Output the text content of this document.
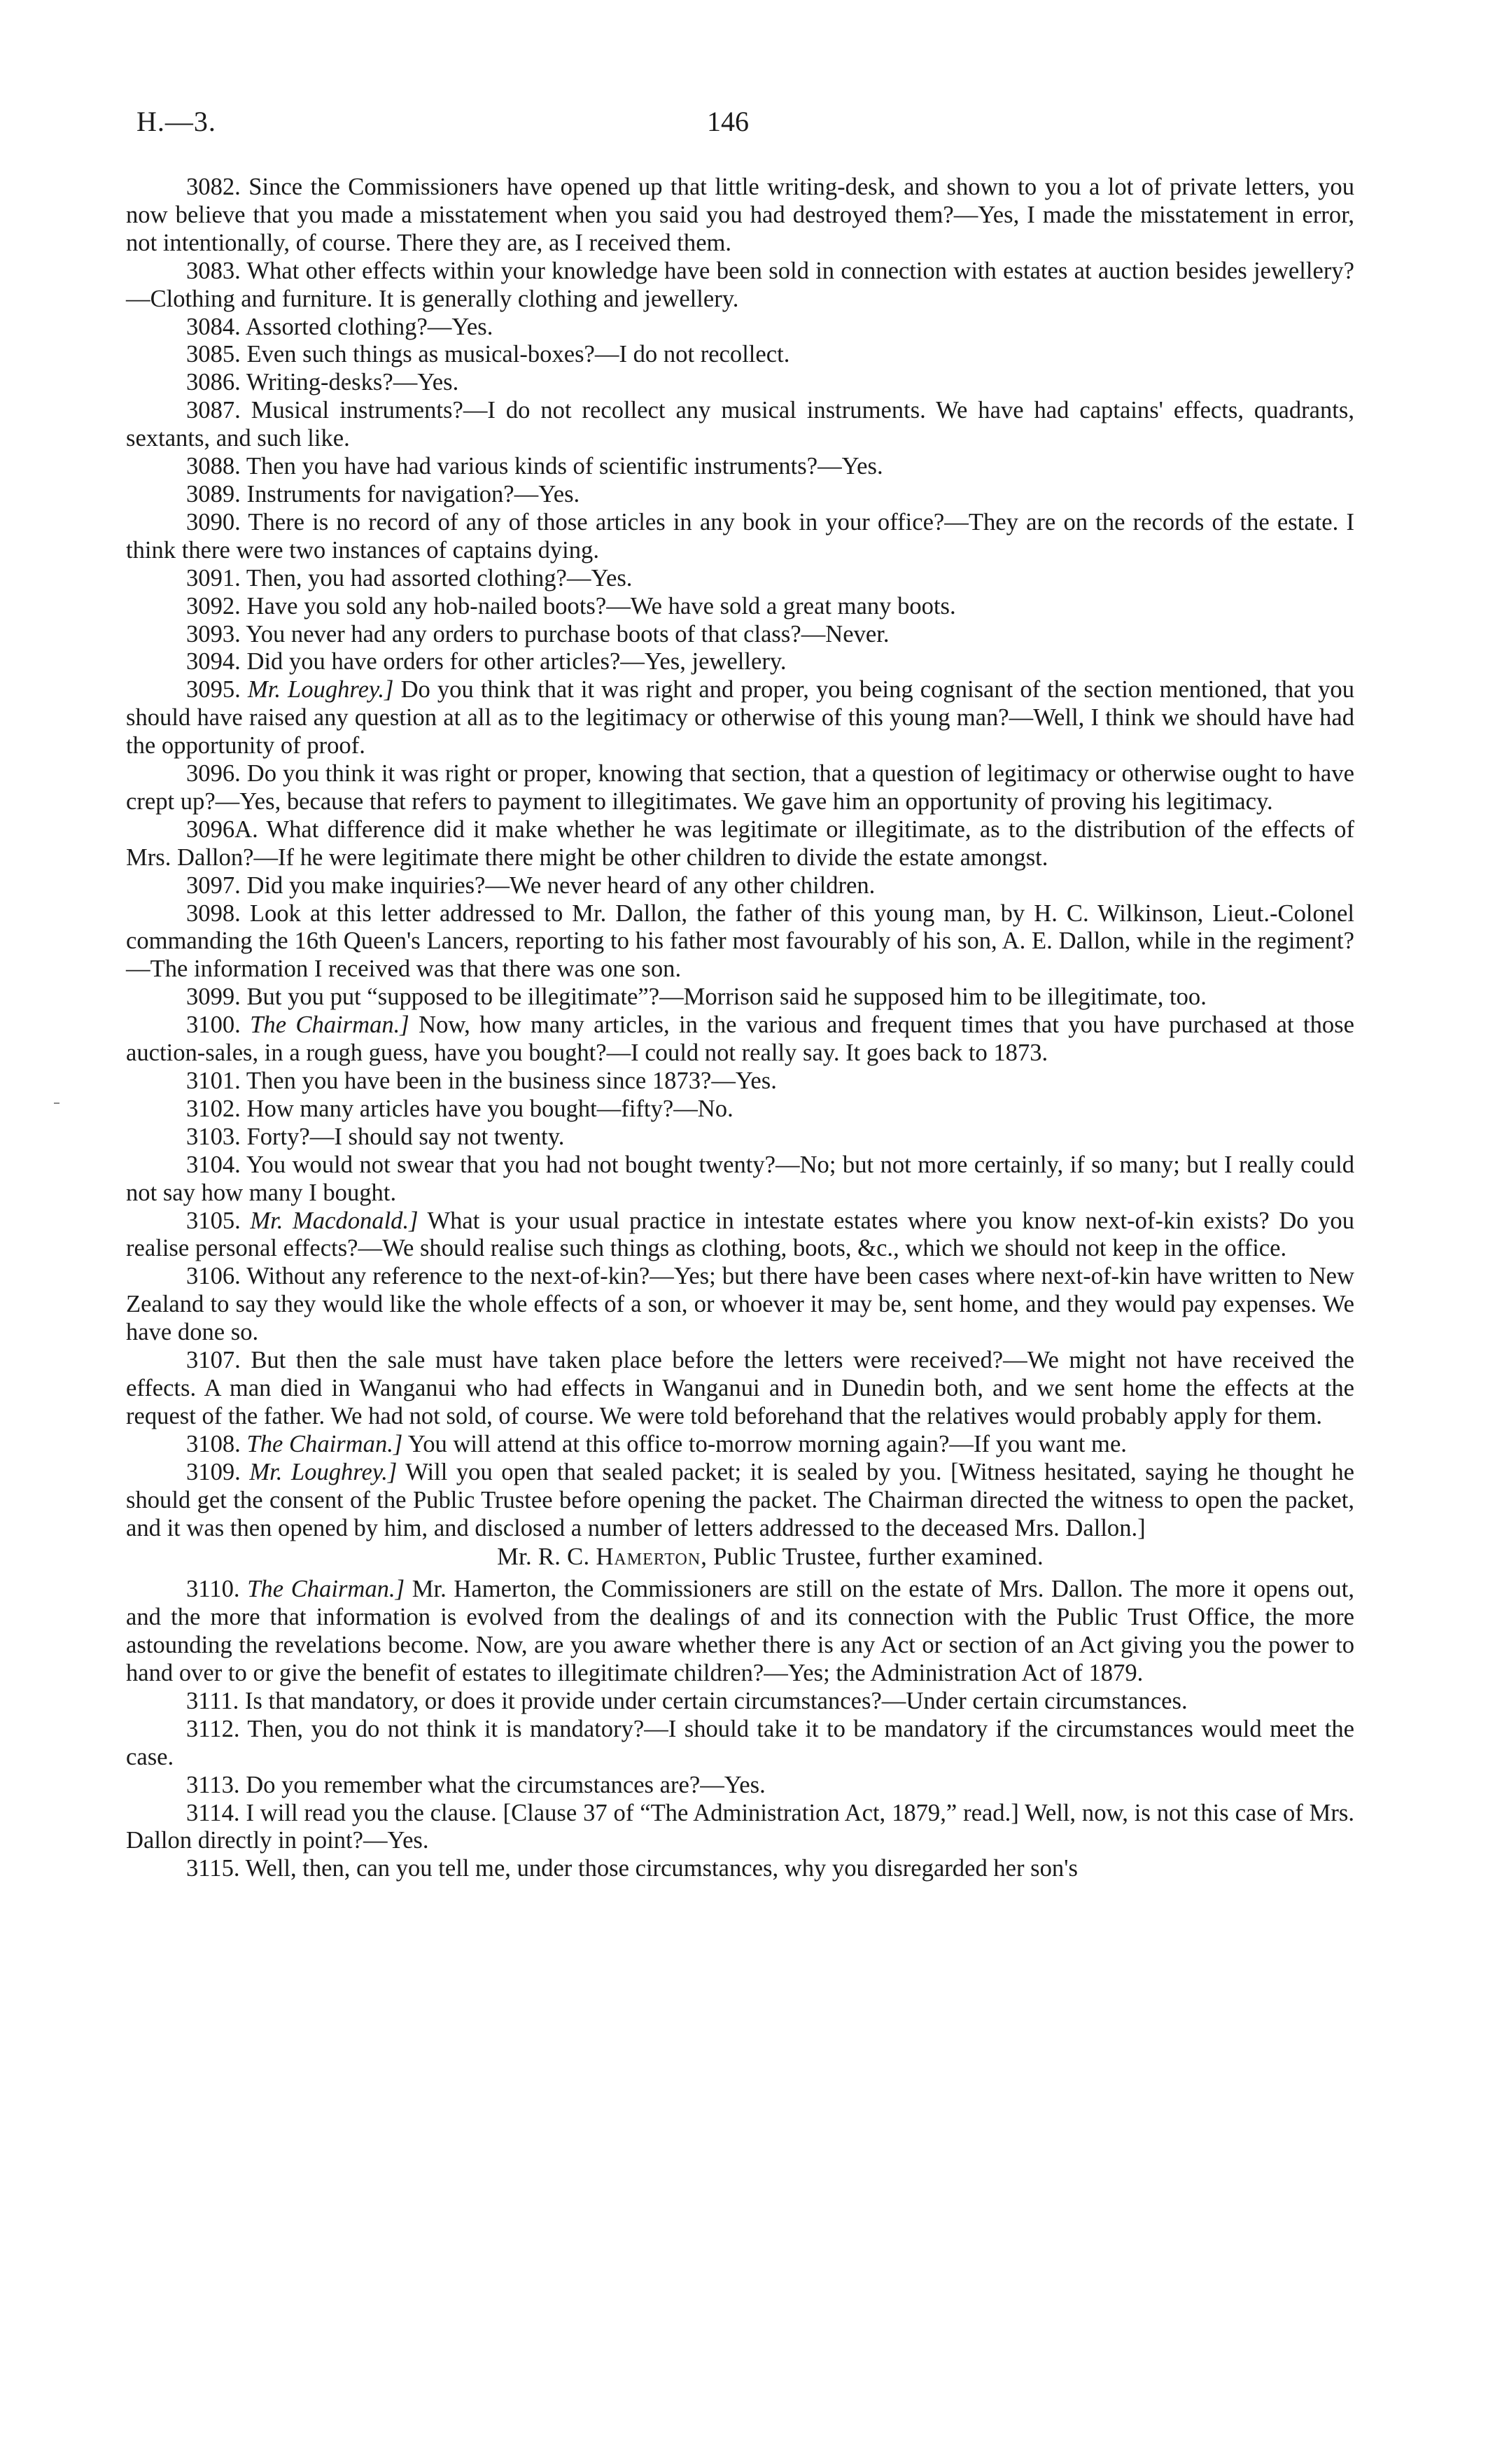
H.—3.	146

3082. Since the Commissioners have opened up that little writing-desk, and shown to you a lot of private letters, you now believe that you made a misstatement when you said you had destroyed them?—Yes, I made the misstatement in error, not intentionally, of course. There they are, as I received them.

3083. What other effects within your knowledge have been sold in connection with estates at auction besides jewellery?—Clothing and furniture. It is generally clothing and jewellery.

3084. Assorted clothing?—Yes.

3085. Even such things as musical-boxes?—I do not recollect.

3086. Writing-desks?—Yes.

3087. Musical instruments?—I do not recollect any musical instruments. We have had captains' effects, quadrants, sextants, and such like.

3088. Then you have had various kinds of scientific instruments?—Yes.

3089. Instruments for navigation?—Yes.

3090. There is no record of any of those articles in any book in your office?—They are on the records of the estate. I think there were two instances of captains dying.

3091. Then, you had assorted clothing?—Yes.

3092. Have you sold any hob-nailed boots?—We have sold a great many boots.

3093. You never had any orders to purchase boots of that class?—Never.

3094. Did you have orders for other articles?—Yes, jewellery.

3095. Mr. Loughrey.] Do you think that it was right and proper, you being cognisant of the section mentioned, that you should have raised any question at all as to the legitimacy or otherwise of this young man?—Well, I think we should have had the opportunity of proof.

3096. Do you think it was right or proper, knowing that section, that a question of legitimacy or otherwise ought to have crept up?—Yes, because that refers to payment to illegitimates. We gave him an opportunity of proving his legitimacy.

3096A. What difference did it make whether he was legitimate or illegitimate, as to the distribution of the effects of Mrs. Dallon?—If he were legitimate there might be other children to divide the estate amongst.

3097. Did you make inquiries?—We never heard of any other children.

3098. Look at this letter addressed to Mr. Dallon, the father of this young man, by H. C. Wilkinson, Lieut.-Colonel commanding the 16th Queen's Lancers, reporting to his father most favourably of his son, A. E. Dallon, while in the regiment?—The information I received was that there was one son.

3099. But you put “supposed to be illegitimate”?—Morrison said he supposed him to be illegitimate, too.

3100. The Chairman.] Now, how many articles, in the various and frequent times that you have purchased at those auction-sales, in a rough guess, have you bought?—I could not really say. It goes back to 1873.

3101. Then you have been in the business since 1873?—Yes.

3102. How many articles have you bought—fifty?—No.

3103. Forty?—I should say not twenty.

3104. You would not swear that you had not bought twenty?—No; but not more certainly, if so many; but I really could not say how many I bought.

3105. Mr. Macdonald.] What is your usual practice in intestate estates where you know next-of-kin exists? Do you realise personal effects?—We should realise such things as clothing, boots, &c., which we should not keep in the office.

3106. Without any reference to the next-of-kin?—Yes; but there have been cases where next-of-kin have written to New Zealand to say they would like the whole effects of a son, or whoever it may be, sent home, and they would pay expenses. We have done so.

3107. But then the sale must have taken place before the letters were received?—We might not have received the effects. A man died in Wanganui who had effects in Wanganui and in Dunedin both, and we sent home the effects at the request of the father. We had not sold, of course. We were told beforehand that the relatives would probably apply for them.

3108. The Chairman.] You will attend at this office to-morrow morning again?—If you want me.

3109. Mr. Loughrey.] Will you open that sealed packet; it is sealed by you. [Witness hesitated, saying he thought he should get the consent of the Public Trustee before opening the packet. The Chairman directed the witness to open the packet, and it was then opened by him, and disclosed a number of letters addressed to the deceased Mrs. Dallon.]

Mr. R. C. Hamerton, Public Trustee, further examined.

3110. The Chairman.] Mr. Hamerton, the Commissioners are still on the estate of Mrs. Dallon. The more it opens out, and the more that information is evolved from the dealings of and its connection with the Public Trust Office, the more astounding the revelations become. Now, are you aware whether there is any Act or section of an Act giving you the power to hand over to or give the benefit of estates to illegitimate children?—Yes; the Administration Act of 1879.

3111. Is that mandatory, or does it provide under certain circumstances?—Under certain circumstances.

3112. Then, you do not think it is mandatory?—I should take it to be mandatory if the circumstances would meet the case.

3113. Do you remember what the circumstances are?—Yes.

3114. I will read you the clause. [Clause 37 of “The Administration Act, 1879,” read.] Well, now, is not this case of Mrs. Dallon directly in point?—Yes.

3115. Well, then, can you tell me, under those circumstances, why you disregarded her son's
